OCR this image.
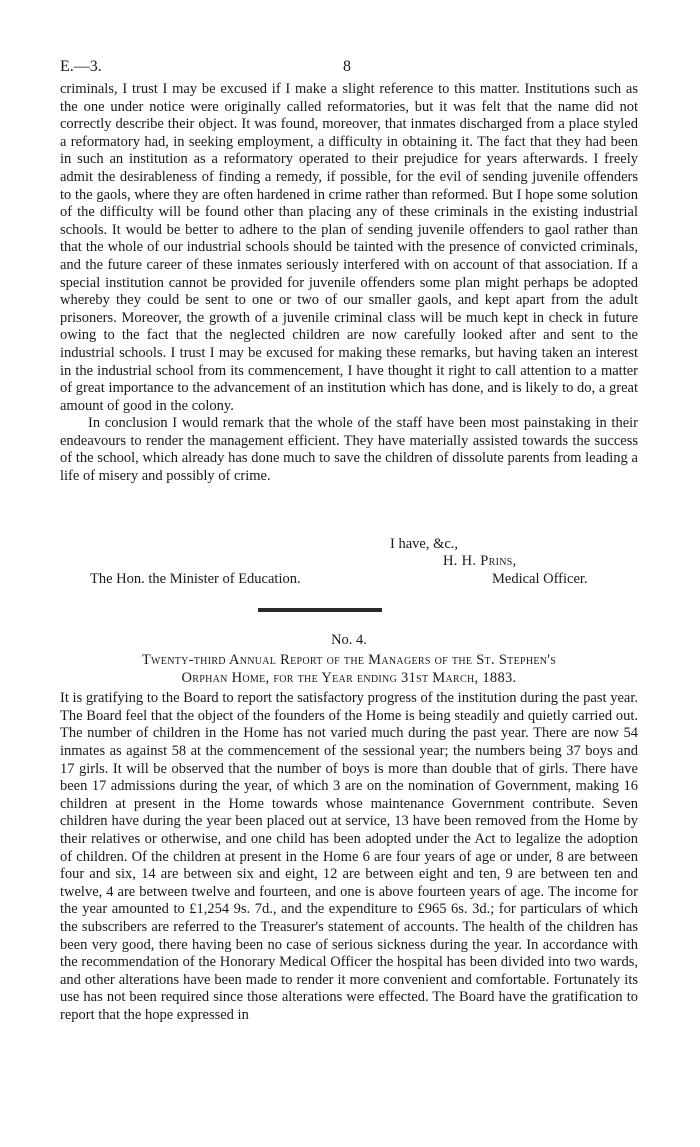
E.—3.	8

criminals, I trust I may be excused if I make a slight reference to this matter. Institutions such as the one under notice were originally called reformatories, but it was felt that the name did not correctly describe their object. It was found, moreover, that inmates discharged from a place styled a reformatory had, in seeking employment, a difficulty in obtaining it. The fact that they had been in such an institution as a reformatory operated to their prejudice for years afterwards. I freely admit the desirableness of finding a remedy, if possible, for the evil of sending juvenile offenders to the gaols, where they are often hardened in crime rather than reformed. But I hope some solution of the difficulty will be found other than placing any of these criminals in the existing industrial schools. It would be better to adhere to the plan of sending juvenile offenders to gaol rather than that the whole of our industrial schools should be tainted with the presence of convicted criminals, and the future career of these inmates seriously interfered with on account of that association. If a special institution cannot be provided for juvenile offenders some plan might perhaps be adopted whereby they could be sent to one or two of our smaller gaols, and kept apart from the adult prisoners. Moreover, the growth of a juvenile criminal class will be much kept in check in future owing to the fact that the neglected children are now carefully looked after and sent to the industrial schools. I trust I may be excused for making these remarks, but having taken an interest in the industrial school from its commencement, I have thought it right to call attention to a matter of great importance to the advancement of an institution which has done, and is likely to do, a great amount of good in the colony.

In conclusion I would remark that the whole of the staff have been most painstaking in their endeavours to render the management efficient. They have materially assisted towards the success of the school, which already has done much to save the children of dissolute parents from leading a life of misery and possibly of crime.

I have, &c.,
H. H. Prins,
The Hon. the Minister of Education.	Medical Officer.
No. 4.
Twenty-third Annual Report of the Managers of the St. Stephen's
Orphan Home, for the Year ending 31st March, 1883.

It is gratifying to the Board to report the satisfactory progress of the institution during the past year. The Board feel that the object of the founders of the Home is being steadily and quietly carried out. The number of children in the Home has not varied much during the past year. There are now 54 inmates as against 58 at the commencement of the sessional year; the numbers being 37 boys and 17 girls. It will be observed that the number of boys is more than double that of girls. There have been 17 admissions during the year, of which 3 are on the nomination of Government, making 16 children at present in the Home towards whose maintenance Government contribute. Seven children have during the year been placed out at service, 13 have been removed from the Home by their relatives or otherwise, and one child has been adopted under the Act to legalize the adoption of children. Of the children at present in the Home 6 are four years of age or under, 8 are between four and six, 14 are between six and eight, 12 are between eight and ten, 9 are between ten and twelve, 4 are between twelve and fourteen, and one is above fourteen years of age. The income for the year amounted to £1,254 9s. 7d., and the expenditure to £965 6s. 3d.; for particulars of which the subscribers are referred to the Treasurer's statement of accounts. The health of the children has been very good, there having been no case of serious sickness during the year. In accordance with the recommendation of the Honorary Medical Officer the hospital has been divided into two wards, and other alterations have been made to render it more convenient and comfortable. Fortunately its use has not been required since those alterations were effected. The Board have the gratification to report that the hope expressed in
